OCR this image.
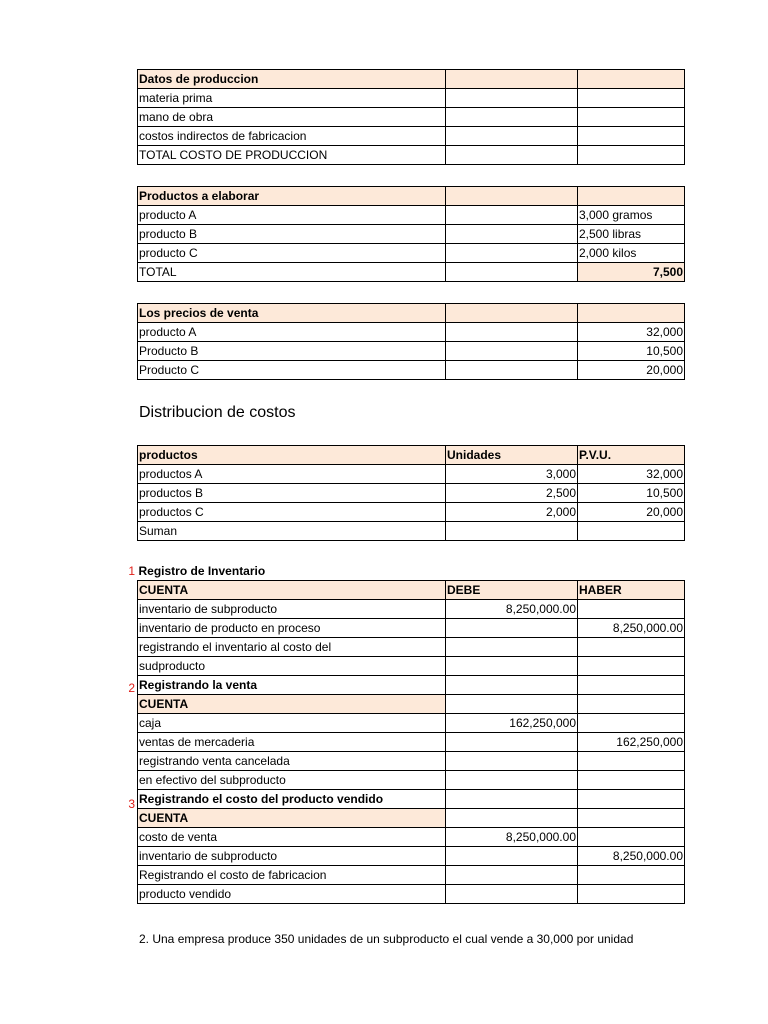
Datos de produccion		
materia prima		
mano de obra		
costos indirectos de fabricacion		
TOTAL COSTO DE PRODUCCION		
Productos a elaborar		
producto A		3,000 gramos
producto B		2,500 libras
producto C		2,000 kilos
TOTAL		7,500
Los precios de venta		
producto A		32,000
Producto B		10,500
Producto C		20,000
Distribucion de costos
productos	Unidades	P.V.U.
productos A	3,000	32,000
productos B	2,500	10,500
productos C	2,000	20,000
Suman		
1
2
3
Registro de Inventario		
CUENTA	DEBE	HABER
inventario de subproducto	8,250,000.00	
inventario de producto en proceso		8,250,000.00
registrando el inventario al costo del		
sudproducto		
Registrando la venta		
CUENTA		
caja	162,250,000	
ventas de mercaderia		162,250,000
registrando venta cancelada		
en efectivo del subproducto		
Registrando el costo del producto vendido		
CUENTA		
costo de venta	8,250,000.00	
inventario de subproducto		8,250,000.00
Registrando el costo de fabricacion		
producto vendido		
2. Una empresa produce 350 unidades de un subproducto el cual vende a 30,000 por unidad
